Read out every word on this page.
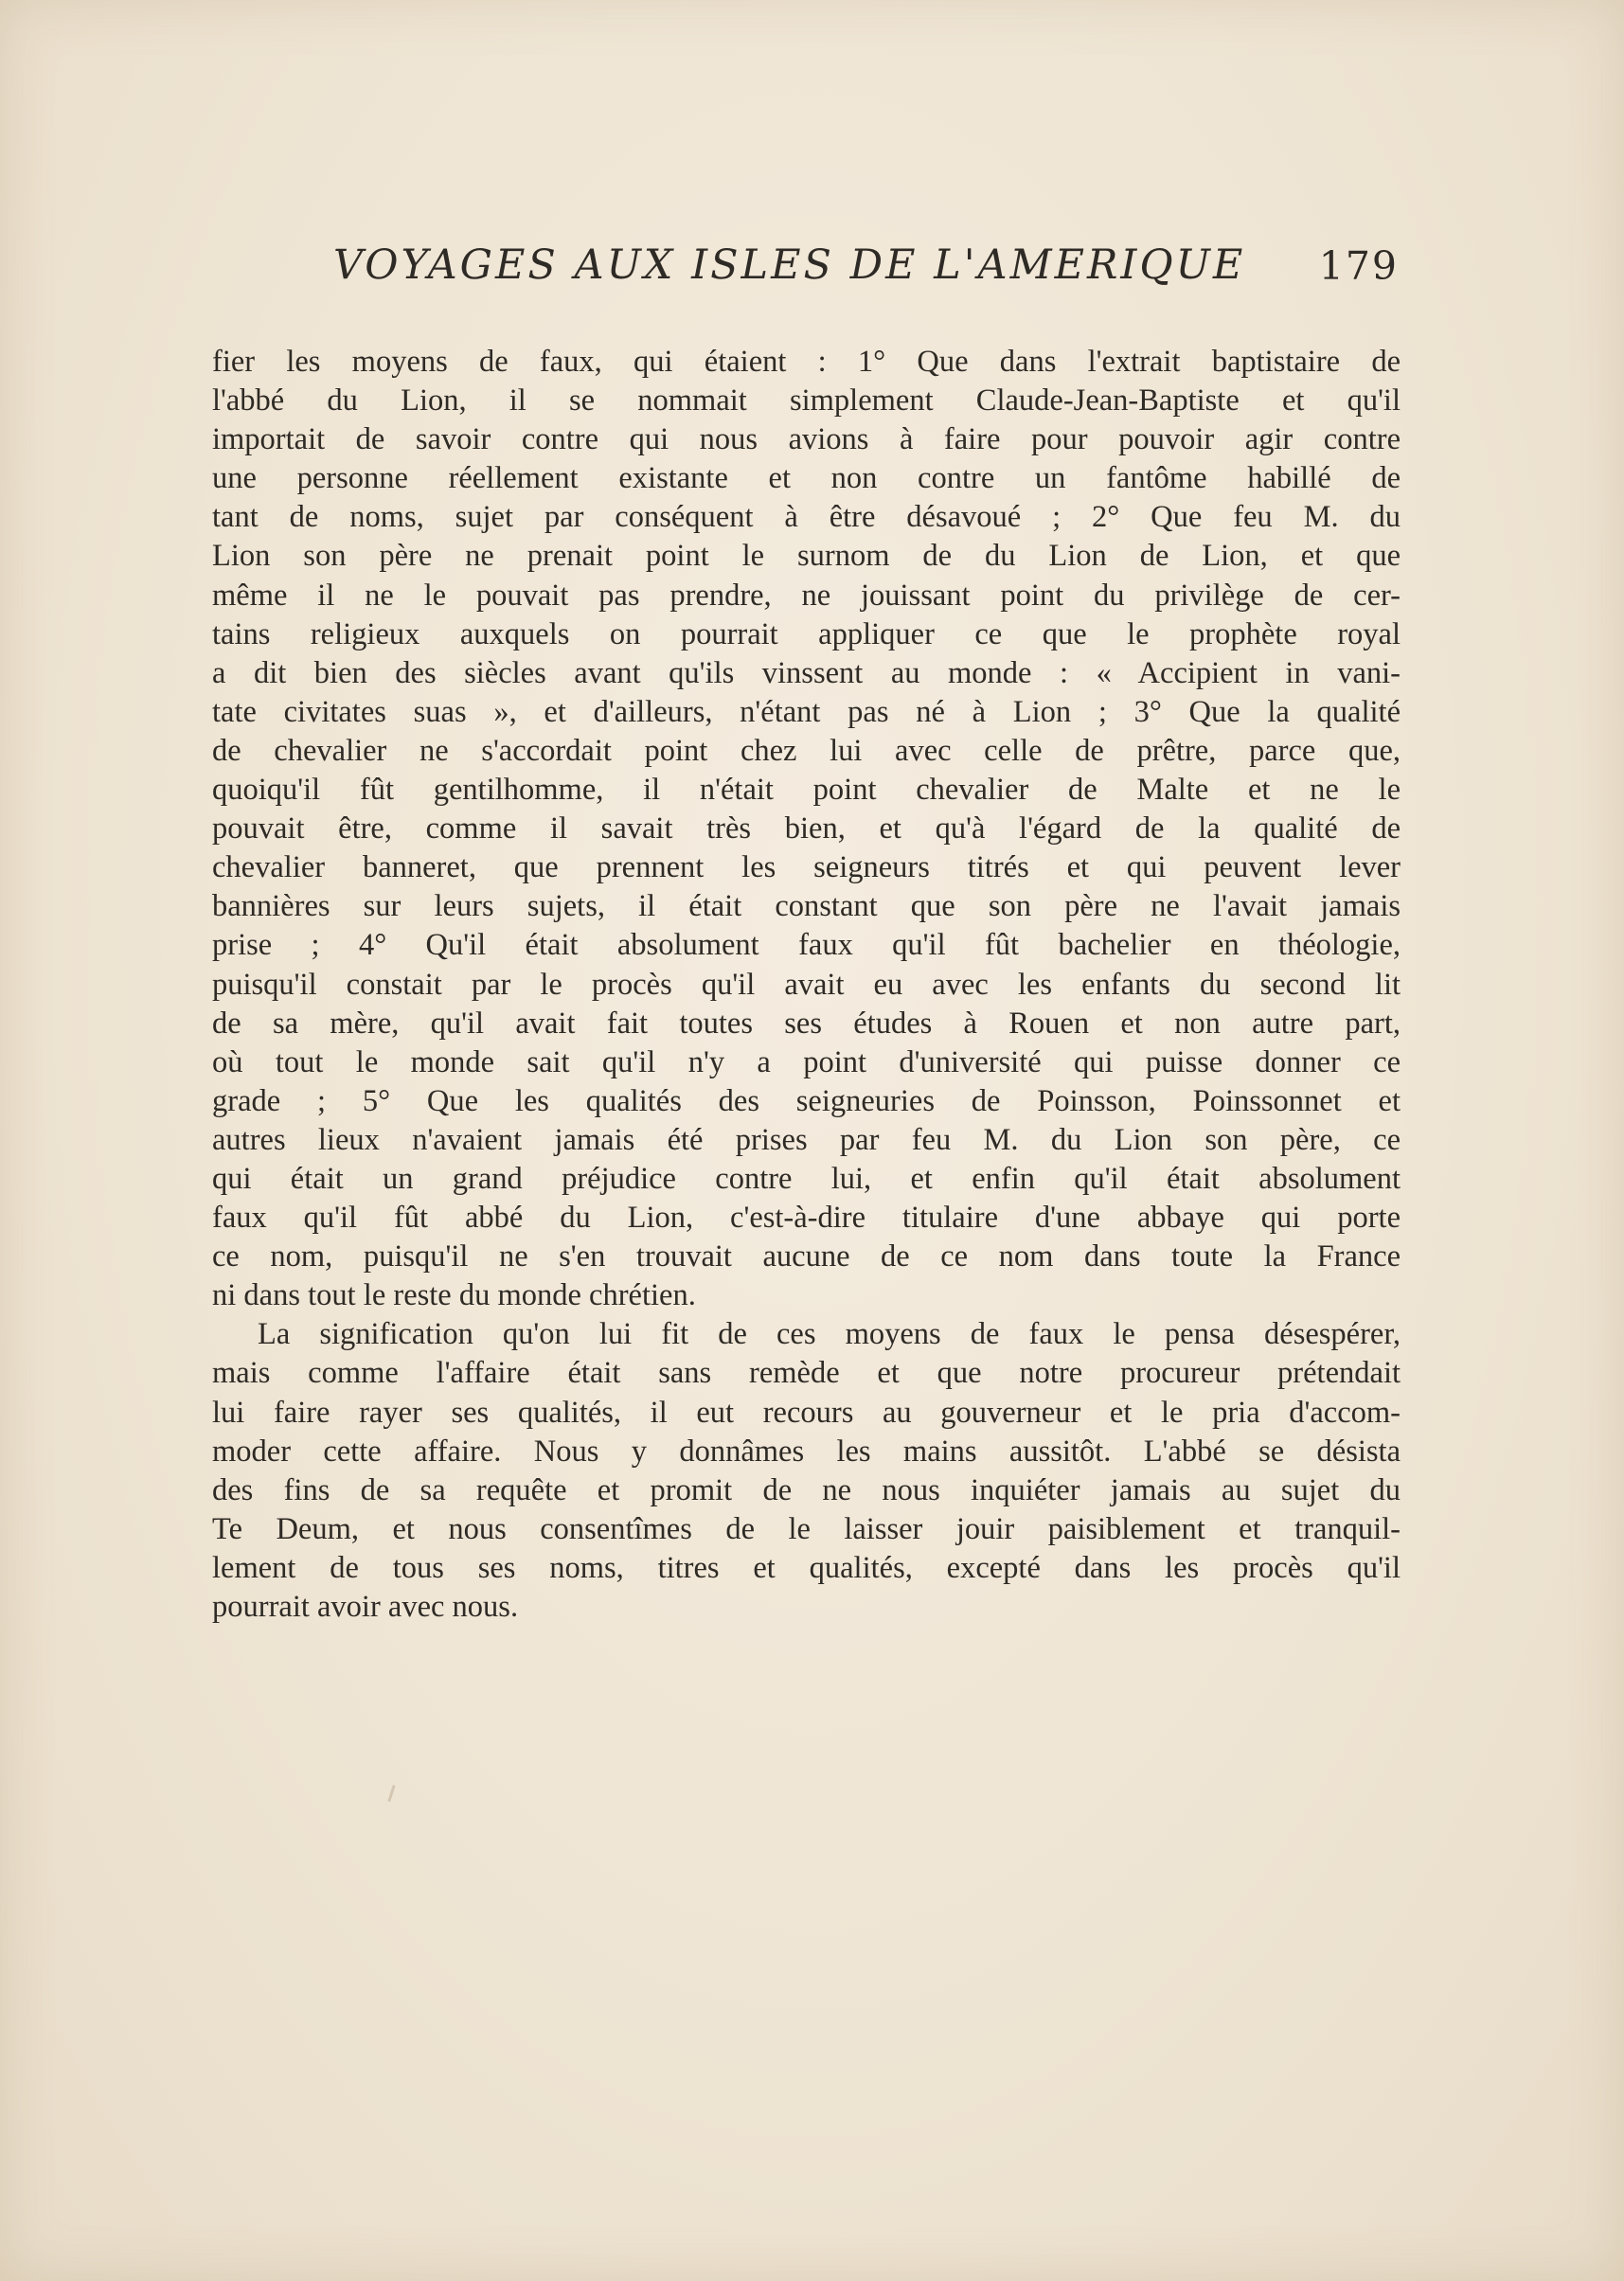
VOYAGES AUX ISLES DE L'AMERIQUE 179

fier les moyens de faux, qui étaient : 1° Que dans l'extrait baptistaire de
l'abbé du Lion, il se nommait simplement Claude-Jean-Baptiste et qu'il
importait de savoir contre qui nous avions à faire pour pouvoir agir contre
une personne réellement existante et non contre un fantôme habillé de
tant de noms, sujet par conséquent à être désavoué ; 2° Que feu M. du
Lion son père ne prenait point le surnom de du Lion de Lion, et que
même il ne le pouvait pas prendre, ne jouissant point du privilège de cer-
tains religieux auxquels on pourrait appliquer ce que le prophète royal
a dit bien des siècles avant qu'ils vinssent au monde : « Accipient in vani-
tate civitates suas », et d'ailleurs, n'étant pas né à Lion ; 3° Que la qualité
de chevalier ne s'accordait point chez lui avec celle de prêtre, parce que,
quoiqu'il fût gentilhomme, il n'était point chevalier de Malte et ne le
pouvait être, comme il savait très bien, et qu'à l'égard de la qualité de
chevalier banneret, que prennent les seigneurs titrés et qui peuvent lever
bannières sur leurs sujets, il était constant que son père ne l'avait jamais
prise ; 4° Qu'il était absolument faux qu'il fût bachelier en théologie,
puisqu'il constait par le procès qu'il avait eu avec les enfants du second lit
de sa mère, qu'il avait fait toutes ses études à Rouen et non autre part,
où tout le monde sait qu'il n'y a point d'université qui puisse donner ce
grade ; 5° Que les qualités des seigneuries de Poinsson, Poinssonnet et
autres lieux n'avaient jamais été prises par feu M. du Lion son père, ce
qui était un grand préjudice contre lui, et enfin qu'il était absolument
faux qu'il fût abbé du Lion, c'est-à-dire titulaire d'une abbaye qui porte
ce nom, puisqu'il ne s'en trouvait aucune de ce nom dans toute la France
ni dans tout le reste du monde chrétien.

La signification qu'on lui fit de ces moyens de faux le pensa désespérer,
mais comme l'affaire était sans remède et que notre procureur prétendait
lui faire rayer ses qualités, il eut recours au gouverneur et le pria d'accom-
moder cette affaire. Nous y donnâmes les mains aussitôt. L'abbé se désista
des fins de sa requête et promit de ne nous inquiéter jamais au sujet du
Te Deum, et nous consentîmes de le laisser jouir paisiblement et tranquil-
lement de tous ses noms, titres et qualités, excepté dans les procès qu'il
pourrait avoir avec nous.
